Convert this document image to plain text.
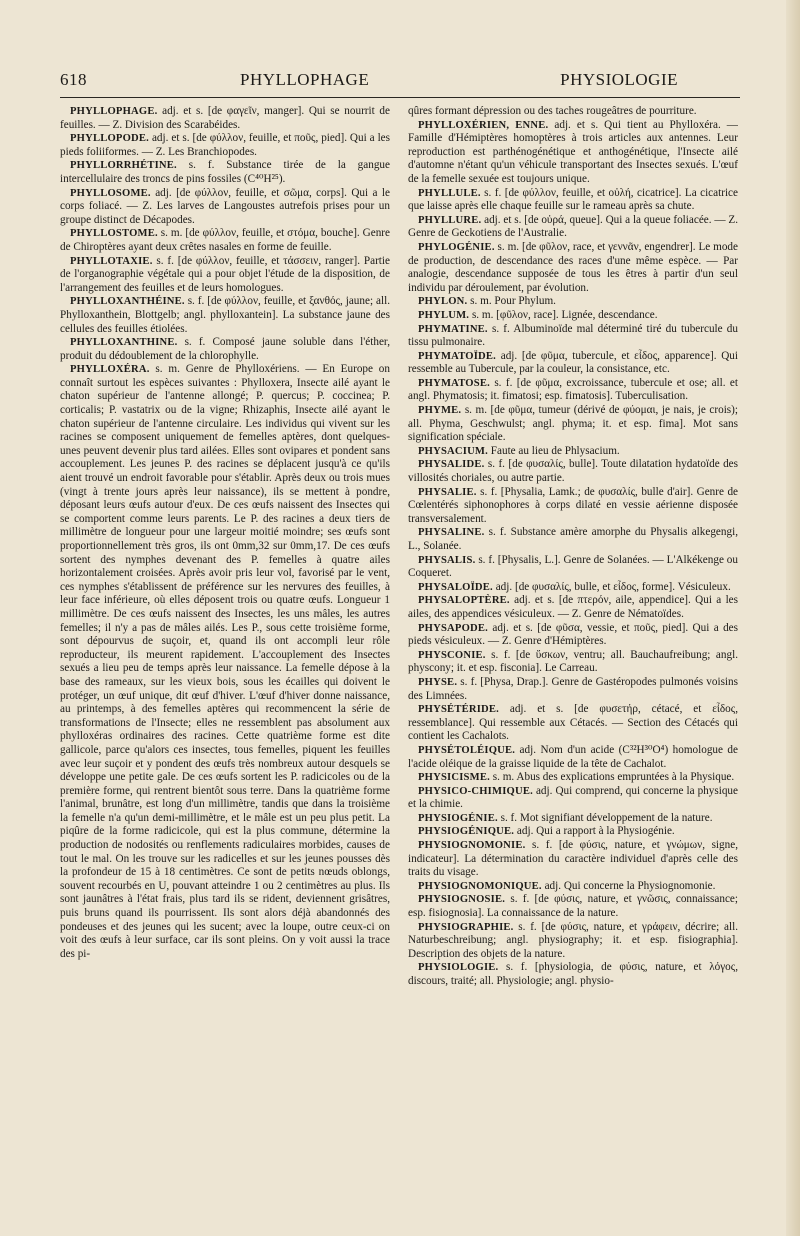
618	PHYLLOPHAGE	PHYSIOLOGIE

PHYLLOPHAGE. adj. et s. [de φαγεῖν, manger]. Qui se nourrit de feuilles. — Z. Division des Scarabéides.

PHYLLOPODE. adj. et s. [de φύλλον, feuille, et ποῦς, pied]. Qui a les pieds foliiformes. — Z. Les Branchiopodes.

PHYLLORRHÉTINE. s. f. Substance tirée de la gangue intercellulaire des troncs de pins fossiles (C⁴⁰H²⁵).

PHYLLOSOME. adj. [de φύλλον, feuille, et σῶμα, corps]. Qui a le corps foliacé. — Z. Les larves de Langoustes autrefois prises pour un groupe distinct de Décapodes.

PHYLLOSTOME. s. m. [de φύλλον, feuille, et στόμα, bouche]. Genre de Chiroptères ayant deux crêtes nasales en forme de feuille.

PHYLLOTAXIE. s. f. [de φύλλον, feuille, et τάσσειν, ranger]. Partie de l'organographie végétale qui a pour objet l'étude de la disposition, de l'arrangement des feuilles et de leurs homologues.

PHYLLOXANTHÉINE. s. f. [de φύλλον, feuille, et ξανθός, jaune; all. Phylloxanthein, Blottgelb; angl. phylloxantein]. La substance jaune des cellules des feuilles étiolées.

PHYLLOXANTHINE. s. f. Composé jaune soluble dans l'éther, produit du dédoublement de la chlorophylle.

PHYLLOXÉRA. s. m. Genre de Phylloxériens. — En Europe on connaît surtout les espèces suivantes : Phylloxera, Insecte ailé ayant le chaton supérieur de l'antenne allongé; P. quercus; P. coccinea; P. corticalis; P. vastatrix ou de la vigne; Rhizaphis, Insecte ailé ayant le chaton supérieur de l'antenne circulaire. Les individus qui vivent sur les racines se composent uniquement de femelles aptères, dont quelques-unes peuvent devenir plus tard ailées. Elles sont ovipares et pondent sans accouplement. Les jeunes P. des racines se déplacent jusqu'à ce qu'ils aient trouvé un endroit favorable pour s'établir. Après deux ou trois mues (vingt à trente jours après leur naissance), ils se mettent à pondre, déposant leurs œufs autour d'eux. De ces œufs naissent des Insectes qui se comportent comme leurs parents. Le P. des racines a deux tiers de millimètre de longueur pour une largeur moitié moindre; ses œufs sont proportionnellement très gros, ils ont 0mm,32 sur 0mm,17. De ces œufs sortent des nymphes devenant des P. femelles à quatre ailes horizontalement croisées. Après avoir pris leur vol, favorisé par le vent, ces nymphes s'établissent de préférence sur les nervures des feuilles, à leur face inférieure, où elles déposent trois ou quatre œufs. Longueur 1 millimètre. De ces œufs naissent des Insectes, les uns mâles, les autres femelles; il n'y a pas de mâles ailés. Les P., sous cette troisième forme, sont dépourvus de suçoir, et, quand ils ont accompli leur rôle reproducteur, ils meurent rapidement. L'accouplement des Insectes sexués a lieu peu de temps après leur naissance. La femelle dépose à la base des rameaux, sur les vieux bois, sous les écailles qui doivent le protéger, un œuf unique, dit œuf d'hiver. L'œuf d'hiver donne naissance, au printemps, à des femelles aptères qui recommencent la série de transformations de l'Insecte; elles ne ressemblent pas absolument aux phylloxéras ordinaires des racines. Cette quatrième forme est dite gallicole, parce qu'alors ces insectes, tous femelles, piquent les feuilles avec leur suçoir et y pondent des œufs très nombreux autour desquels se développe une petite gale. De ces œufs sortent les P. radicicoles ou de la première forme, qui rentrent bientôt sous terre. Dans la quatrième forme l'animal, brunâtre, est long d'un millimètre, tandis que dans la troisième la femelle n'a qu'un demi-millimètre, et le mâle est un peu plus petit. La piqûre de la forme radicicole, qui est la plus commune, détermine la production de nodosités ou renflements radiculaires morbides, causes de tout le mal. On les trouve sur les radicelles et sur les jeunes pousses dès la profondeur de 15 à 18 centimètres. Ce sont de petits nœuds oblongs, souvent recourbés en U, pouvant atteindre 1 ou 2 centimètres au plus. Ils sont jaunâtres à l'état frais, plus tard ils se rident, deviennent grisâtres, puis bruns quand ils pourrissent. Ils sont alors déjà abandonnés des pondeuses et des jeunes qui les sucent; avec la loupe, outre ceux-ci on voit des œufs à leur surface, car ils sont pleins. On y voit aussi la trace des pi-

qûres formant dépression ou des taches rougeâtres de pourriture.

PHYLLOXÉRIEN, ENNE. adj. et s. Qui tient au Phylloxéra. — Famille d'Hémiptères homoptères à trois articles aux antennes. Leur reproduction est parthénogénétique et anthogénétique, l'Insecte ailé d'automne n'étant qu'un véhicule transportant des Insectes sexués. L'œuf de la femelle sexuée est toujours unique.

PHYLLULE. s. f. [de φύλλον, feuille, et οὐλή, cicatrice]. La cicatrice que laisse après elle chaque feuille sur le rameau après sa chute.

PHYLLURE. adj. et s. [de οὐρά, queue]. Qui a la queue foliacée. — Z. Genre de Geckotiens de l'Australie.

PHYLOGÉNIE. s. m. [de φῦλον, race, et γεννᾶν, engendrer]. Le mode de production, de descendance des races d'une même espèce. — Par analogie, descendance supposée de tous les êtres à partir d'un seul individu par déroulement, par évolution.

PHYLON. s. m. Pour Phylum.

PHYLUM. s. m. [φῦλον, race]. Lignée, descendance.

PHYMATINE. s. f. Albuminoïde mal déterminé tiré du tubercule du tissu pulmonaire.

PHYMATOÏDE. adj. [de φῦμα, tubercule, et εἶδος, apparence]. Qui ressemble au Tubercule, par la couleur, la consistance, etc.

PHYMATOSE. s. f. [de φῦμα, excroissance, tubercule et ose; all. et angl. Phymatosis; it. fimatosi; esp. fimatosis]. Tuberculisation.

PHYME. s. m. [de φῦμα, tumeur (dérivé de φύομαι, je nais, je crois); all. Phyma, Geschwulst; angl. phyma; it. et esp. fima]. Mot sans signification spéciale.

PHYSACIUM. Faute au lieu de Phlysacium.

PHYSALIDE. s. f. [de φυσαλίς, bulle]. Toute dilatation hydatoïde des villosités choriales, ou autre partie.

PHYSALIE. s. f. [Physalia, Lamk.; de φυσαλίς, bulle d'air]. Genre de Cœlentérés siphonophores à corps dilaté en vessie aérienne disposée transversalement.

PHYSALINE. s. f. Substance amère amorphe du Physalis alkegengi, L., Solanée.

PHYSALIS. s. f. [Physalis, L.]. Genre de Solanées. — L'Alkékenge ou Coqueret.

PHYSALOÏDE. adj. [de φυσαλίς, bulle, et εἶδος, forme]. Vésiculeux.

PHYSALOPTÈRE. adj. et s. [de πτερόν, aile, appendice]. Qui a les ailes, des appendices vésiculeux. — Z. Genre de Nématoïdes.

PHYSAPODE. adj. et s. [de φῦσα, vessie, et ποῦς, pied]. Qui a des pieds vésiculeux. — Z. Genre d'Hémiptères.

PHYSCONIE. s. f. [de ὕσκων, ventru; all. Bauchaufreibung; angl. physcony; it. et esp. fisconia]. Le Carreau.

PHYSE. s. f. [Physa, Drap.]. Genre de Gastéropodes pulmonés voisins des Limnées.

PHYSÉTÉRIDE. adj. et s. [de φυσετήρ, cétacé, et εἶδος, ressemblance]. Qui ressemble aux Cétacés. — Section des Cétacés qui contient les Cachalots.

PHYSÉTOLÉIQUE. adj. Nom d'un acide (C³²H³⁰O⁴) homologue de l'acide oléique de la graisse liquide de la tête de Cachalot.

PHYSICISME. s. m. Abus des explications empruntées à la Physique.

PHYSICO-CHIMIQUE. adj. Qui comprend, qui concerne la physique et la chimie.

PHYSIOGÉNIE. s. f. Mot signifiant développement de la nature.

PHYSIOGÉNIQUE. adj. Qui a rapport à la Physiogénie.

PHYSIOGNOMONIE. s. f. [de φύσις, nature, et γνώμων, signe, indicateur]. La détermination du caractère individuel d'après celle des traits du visage.

PHYSIOGNOMONIQUE. adj. Qui concerne la Physiognomonie.

PHYSIOGNOSIE. s. f. [de φύσις, nature, et γνῶσις, connaissance; esp. fisiognosia]. La connaissance de la nature.

PHYSIOGRAPHIE. s. f. [de φύσις, nature, et γράφειν, décrire; all. Naturbeschreibung; angl. physiography; it. et esp. fisiographia]. Description des objets de la nature.

PHYSIOLOGIE. s. f. [physiologia, de φύσις, nature, et λόγος, discours, traité; all. Physiologie; angl. physio-
